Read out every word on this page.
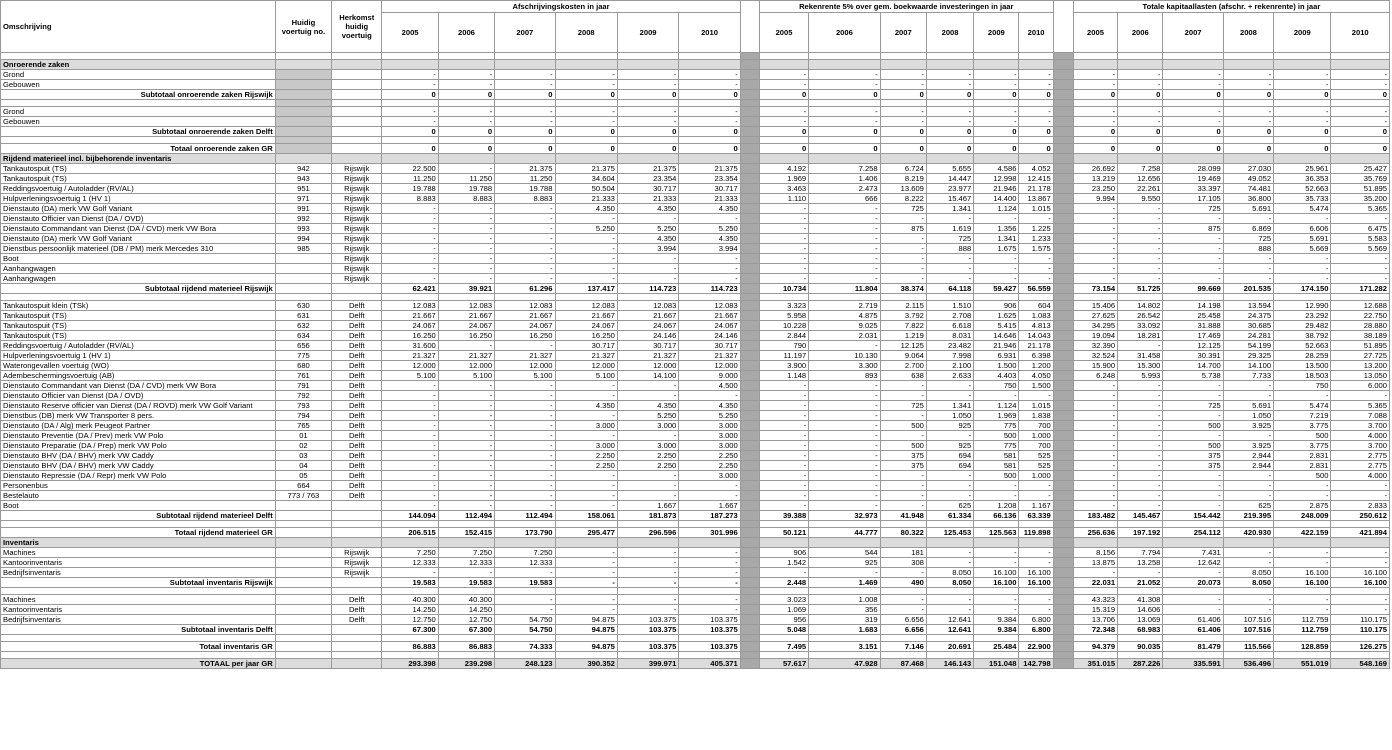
Omschrijving	Huidig voertuig no.	Herkomst huidig voertuig	Afschrijvingskosten in jaar							Rekenrente 5% over gem. boekwaarde investeringen in jaar							Totale kapitaallasten (afschr. + rekenrente) in jaar					
			2005	2006	2007	2008	2009	2010		2005	2006	2007	2008	2009	2010		2005	2006	2007	2008	2009	2010

Onroerende zaken																						
Grond			-	-	-	-	-	-		-	-	-	-	-	-		-	-	-	-	-	-
Gebouwen			-	-	-	-	-	-		-	-	-	-	-	-		-	-	-	-	-	-
Subtotaal onroerende zaken Rijswijk			0	0	0	0	0	0		0	0	0	0	0	0		0	0	0	0	0	0

Grond			-	-	-	-	-	-		-	-	-	-	-	-		-	-	-	-	-	-
Gebouwen			-	-	-	-	-	-		-	-	-	-	-	-		-	-	-	-	-	-
Subtotaal onroerende zaken Delft			0	0	0	0	0	0		0	0	0	0	0	0		0	0	0	0	0	0

Totaal onroerende zaken GR			0	0	0	0	0	0		0	0	0	0	0	0		0	0	0	0	0	0
Rijdend materieel incl. bijbehorende inventaris																						
Tankautospuit (TS)	942	Rijswijk	22.500	-	21.375	21.375	21.375	21.375		4.192	7.258	6.724	5.655	4.586	4.052		26.692	7.258	28.099	27.030	25.961	25.427
Tankautospuit (TS)	943	Rijswijk	11.250	11.250	11.250	34.604	23.354	23.354		1.969	1.406	8.219	14.447	12.998	12.415		13.219	12.656	19.469	49.052	36.353	35.769
Reddingsvoertuig / Autoladder (RV/AL)	951	Rijswijk	19.788	19.788	19.788	50.504	30.717	30.717		3.463	2.473	13.609	23.977	21.946	21.178		23.250	22.261	33.397	74.481	52.663	51.895
Hulpverleningsvoertuig 1 (HV 1)	971	Rijswijk	8.883	8.883	8.883	21.333	21.333	21.333		1.110	666	8.222	15.467	14.400	13.867		9.994	9.550	17.105	36.800	35.733	35.200
Dienstauto (DA) merk VW Golf Variant	991	Rijswijk	-	-	-	4.350	4.350	4.350		-	-	725	1.341	1.124	1.015		-	-	725	5.691	5.474	5.365
Dienstauto Officier van Dienst (DA / OVD)	992	Rijswijk	-	-	-	-	-	-		-	-	-	-	-	-		-	-	-	-	-	-
Dienstauto Commandant van Dienst (DA / CVD) merk VW Bora	993	Rijswijk	-	-	-	5.250	5.250	5.250		-	-	875	1.619	1.356	1.225		-	-	875	6.869	6.606	6.475
Dienstauto (DA) merk VW Golf Variant	994	Rijswijk	-	-	-	-	4.350	4.350		-	-	-	725	1.341	1.233		-	-	-	725	5.691	5.583
Dienstbus persoonlijk materieel (DB / PM) merk Mercedes 310	985	Rijswijk	-	-	-	-	3.994	3.994		-	-	-	888	1.675	1.575		-	-	-	888	5.669	5.569
Boot		Rijswijk	-	-	-	-	-	-		-	-	-	-	-	-		-	-	-	-	-	-
Aanhangwagen		Rijswijk	-	-	-	-	-	-		-	-	-	-	-	-		-	-	-	-	-	-
Aanhangwagen		Rijswijk	-	-	-	-	-	-		-	-	-	-	-	-		-	-	-	-	-	-
Subtotaal rijdend materieel Rijswijk			62.421	39.921	61.296	137.417	114.723	114.723		10.734	11.804	38.374	64.118	59.427	56.559		73.154	51.725	99.669	201.535	174.150	171.282

Tankautospuit klein (TSk)	630	Delft	12.083	12.083	12.083	12.083	12.083	12.083		3.323	2.719	2.115	1.510	906	604		15.406	14.802	14.198	13.594	12.990	12.688
Tankautospuit (TS)	631	Delft	21.667	21.667	21.667	21.667	21.667	21.667		5.958	4.875	3.792	2.708	1.625	1.083		27.625	26.542	25.458	24.375	23.292	22.750
Tankautospuit (TS)	632	Delft	24.067	24.067	24.067	24.067	24.067	24.067		10.228	9.025	7.822	6.618	5.415	4.813		34.295	33.092	31.888	30.685	29.482	28.880
Tankautospuit (TS)	634	Delft	16.250	16.250	16.250	16.250	24.146	24.146		2.844	2.031	1.219	8.031	14.646	14.043		19.094	18.281	17.469	24.281	38.792	38.189
Reddingsvoertuig / Autoladder (RV/AL)	656	Delft	31.600	-	-	30.717	30.717	30.717		790	-	12.125	23.482	21.946	21.178		32.390	-	12.125	54.199	52.663	51.895
Hulpverleningsvoertuig 1 (HV 1)	775	Delft	21.327	21.327	21.327	21.327	21.327	21.327		11.197	10.130	9.064	7.998	6.931	6.398		32.524	31.458	30.391	29.325	28.259	27.725
Waterongevallen voertuig (WO)	680	Delft	12.000	12.000	12.000	12.000	12.000	12.000		3.900	3.300	2.700	2.100	1.500	1.200		15.900	15.300	14.700	14.100	13.500	13.200
Adembeschermingsvoertuig (AB)	761	Delft	5.100	5.100	5.100	5.100	14.100	9.000		1.148	893	638	2.633	4.403	4.050		6.248	5.993	5.738	7.733	18.503	13.050
Dienstauto Commandant van Dienst (DA / CVD) merk VW Bora	791	Delft	-	-	-	-	-	4.500		-	-	-	-	750	1.500		-	-	-	-	750	6.000
Dienstauto Officier van Dienst (DA / OVD)	792	Delft	-	-	-	-	-	-		-	-	-	-	-	-		-	-	-	-	-	-
Dienstauto Reserve officier van Dienst (DA / ROVD) merk VW Golf Variant	793	Delft	-	-	-	4.350	4.350	4.350		-	-	725	1.341	1.124	1.015		-	-	725	5.691	5.474	5.365
Dienstbus (DB) merk VW Transporter 8 pers.	794	Delft	-	-	-	-	5.250	5.250		-	-	-	1.050	1.969	1.838		-	-	-	1.050	7.219	7.088
Dienstauto (DA / Alg) merk Peugeot Partner	765	Delft	-	-	-	3.000	3.000	3.000		-	-	500	925	775	700		-	-	500	3.925	3.775	3.700
Dienstauto Preventie (DA / Prev) merk VW Polo	01	Delft	-	-	-	-	-	3.000		-	-	-	-	500	1.000		-	-	-	-	500	4.000
Dienstauto Preparatie (DA / Prep) merk VW Polo	02	Delft	-	-	-	3.000	3.000	3.000		-	-	500	925	775	700		-	-	500	3.925	3.775	3.700
Dienstauto BHV (DA / BHV) merk VW Caddy	03	Delft	-	-	-	2.250	2.250	2.250		-	-	375	694	581	525		-	-	375	2.944	2.831	2.775
Dienstauto BHV (DA / BHV) merk VW Caddy	04	Delft	-	-	-	2.250	2.250	2.250		-	-	375	694	581	525		-	-	375	2.944	2.831	2.775
Dienstauto Repressie (DA / Repr) merk VW Polo	05	Delft	-	-	-	-	-	3.000		-	-	-	-	500	1.000		-	-	-	-	500	4.000
Personenbus	664	Delft	-	-	-	-	-	-		-	-	-	-	-	-		-	-	-	-	-	-
Bestelauto	773 / 763	Delft	-	-	-	-	-	-		-	-	-	-	-	-		-	-	-	-	-	-
Boot			-	-	-	-	1.667	1.667		-	-	-	625	1.208	1.167		-	-	-	625	2.875	2.833
Subtotaal rijdend materieel Delft			144.094	112.494	112.494	158.061	181.873	187.273		39.388	32.973	41.948	61.334	66.136	63.339		183.482	145.467	154.442	219.395	248.009	250.612

Totaal rijdend materieel GR			206.515	152.415	173.790	295.477	296.596	301.996		50.121	44.777	80.322	125.453	125.563	119.898		256.636	197.192	254.112	420.930	422.159	421.894
Inventaris																						
Machines		Rijswijk	7.250	7.250	7.250	-	-	-		906	544	181	-	-	-		8.156	7.794	7.431	-	-	-
Kantoorinventaris		Rijswijk	12.333	12.333	12.333	-	-	-		1.542	925	308	-	-	-		13.875	13.258	12.642	-	-	-
Bedrijfsinventaris		Rijswijk	-	-	-	-	-	-		-	-	-	8.050	16.100	16.100		-	-	-	8.050	16.100	16.100
Subtotaal inventaris Rijswijk			19.583	19.583	19.583	-	-	-		2.448	1.469	490	8.050	16.100	16.100		22.031	21.052	20.073	8.050	16.100	16.100

Machines		Delft	40.300	40.300	-	-	-	-		3.023	1.008	-	-	-	-		43.323	41.308	-	-	-	-
Kantoorinventaris		Delft	14.250	14.250	-	-	-	-		1.069	356	-	-	-	-		15.319	14.606	-	-	-	-
Bedrijfsinventaris		Delft	12.750	12.750	54.750	94.875	103.375	103.375		956	319	6.656	12.641	9.384	6.800		13.706	13.069	61.406	107.516	112.759	110.175
Subtotaal inventaris Delft			67.300	67.300	54.750	94.875	103.375	103.375		5.048	1.683	6.656	12.641	9.384	6.800		72.348	68.983	61.406	107.516	112.759	110.175

Totaal inventaris GR			86.883	86.883	74.333	94.875	103.375	103.375		7.495	3.151	7.146	20.691	25.484	22.900		94.379	90.035	81.479	115.566	128.859	126.275

TOTAAL per jaar GR			293.398	239.298	248.123	390.352	399.971	405.371		57.617	47.928	87.468	146.143	151.048	142.798		351.015	287.226	335.591	536.496	551.019	548.169
